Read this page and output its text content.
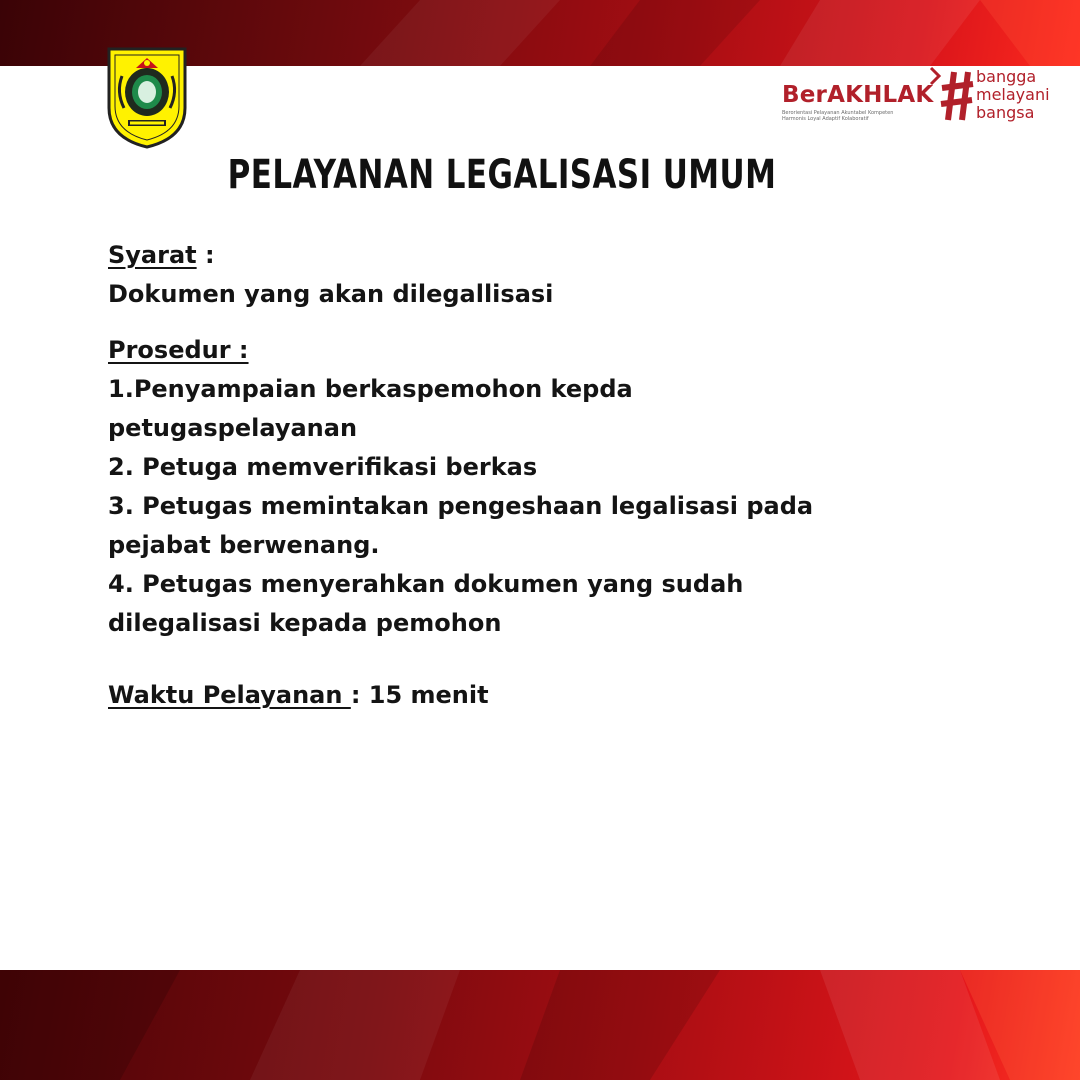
BerAKHLAK
Berorientasi Pelayanan Akuntabel Kompeten
Harmonis Loyal Adaptif Kolaboratif
bangga
melayani
bangsa
PELAYANAN LEGALISASI UMUM
Syarat :
Dokumen yang akan dilegallisasi
Prosedur :
1.Penyampaian berkaspemohon kepda
petugaspelayanan
2. Petuga memverifikasi berkas
3. Petugas memintakan pengeshaan legalisasi pada
pejabat berwenang.
4. Petugas menyerahkan dokumen yang sudah
dilegalisasi kepada pemohon
Waktu Pelayanan : 15 menit
